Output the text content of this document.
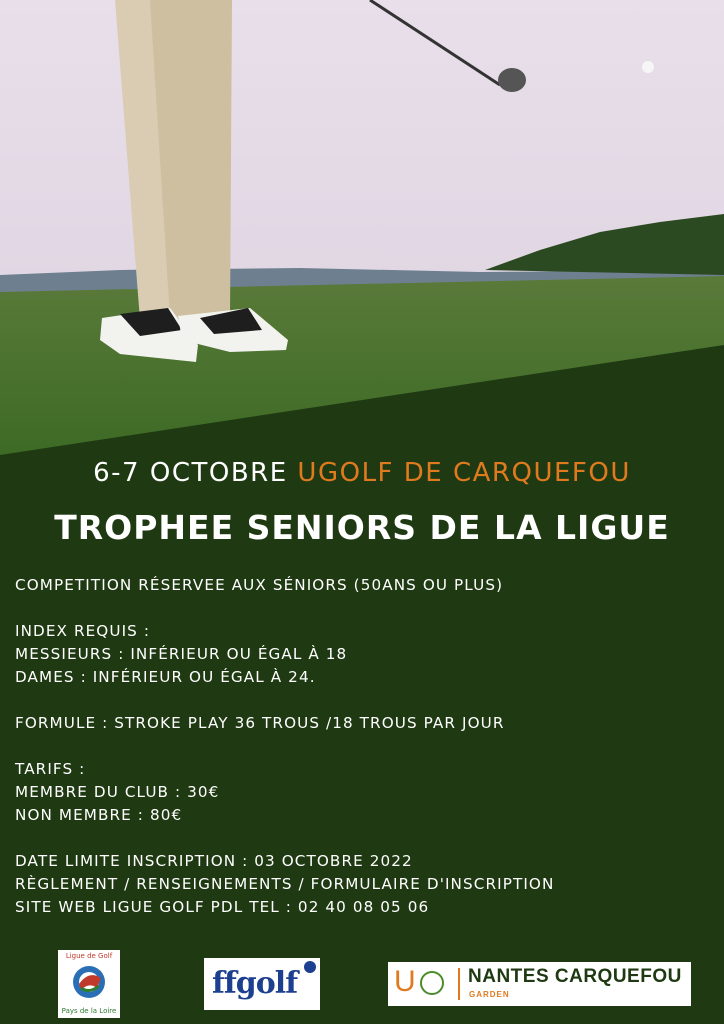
6-7 OCTOBRE UGOLF DE CARQUEFOU
TROPHEE SENIORS DE LA LIGUE
COMPETITION RÉSERVEE AUX SÉNIORS (50ANS OU PLUS)
INDEX REQUIS :
MESSIEURS : INFÉRIEUR OU ÉGAL À 18
DAMES : INFÉRIEUR OU ÉGAL À 24.
FORMULE : STROKE PLAY 36 TROUS /18 TROUS PAR JOUR
TARIFS :
MEMBRE DU CLUB : 30€
NON MEMBRE : 80€
DATE LIMITE INSCRIPTION : 03 OCTOBRE 2022
RÈGLEMENT / RENSEIGNEMENTS / FORMULAIRE D'INSCRIPTION
SITE WEB LIGUE GOLF PDL TEL : 02 40 08 05 06
Ligue de Golf
Pays de la Loire
ffgolf	U	NANTES CARQUEFOU
GARDEN
